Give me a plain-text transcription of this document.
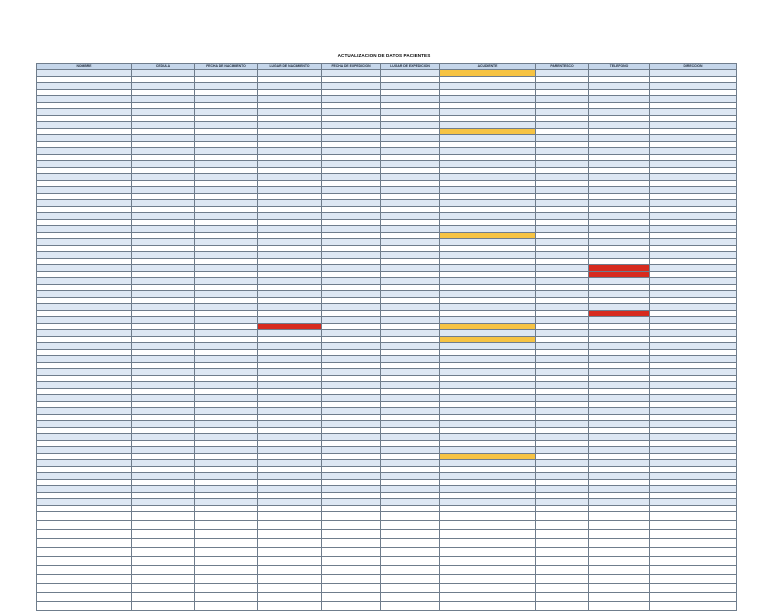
ACTUALIZACION DE DATOS PACIENTES
NOMBRE	CEDULA	FECHA DE NACIMIENTO	LUGAR DE NACIMIENTO	FECHA DE EXPEDICION	LUGAR DE EXPEDICION	ACUDIENTE	PARENTESCO	TELEFONO	DIRECCION
